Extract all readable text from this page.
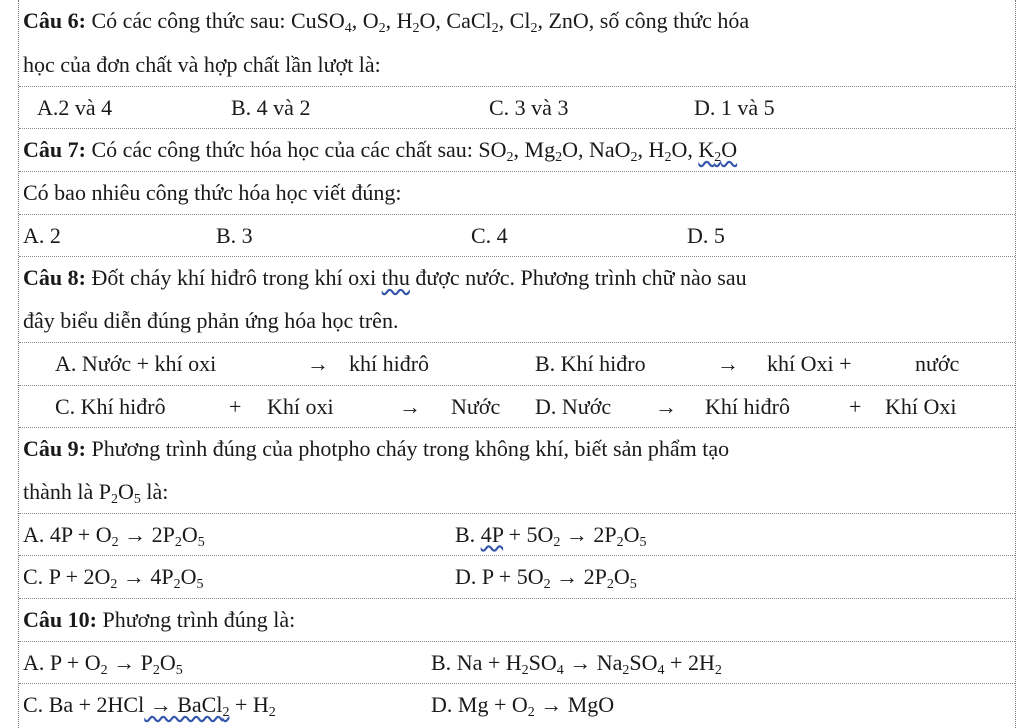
Câu 6: Có các công thức sau: CuSO$_4$, $O_2$, $H_2O$, CaCl$_2$, $Cl_2$, ZnO, số công thức hóa
học của đơn chất và hợp chất lần lượt là:
A.2 và 4	B. 4 và 2	C. 3 và 3	D. 1 và 5
Câu 7: Có các công thức hóa học của các chất sau: $SO_2$, $Mg_2O$, NaO$_2$, $H_2O$, $K_2O$
Có bao nhiêu công thức hóa học viết đúng:
A. 2	B. 3	C. 4	D. 5
Câu 8: Đốt cháy khí hiđrô trong khí oxi thu được nước. Phương trình chữ nào sau
đây biểu diễn đúng phản ứng hóa học trên.
A. Nước + khí oxi	→ khí hiđrô	B. Khí hiđro	→ khí Oxi +	nước
C. Khí hiđrô	+ Khí oxi	→ Nước D. Nước → Khí hiđrô	+ Khí Oxi
Câu 9: Phương trình đúng của photpho cháy trong không khí, biết sản phẩm tạo
thành là $P_2O_5$ là:
A. $4P + O_2 \to 2P_2O_5$	B. $4P + 5O_2 \to 2P_2O_5$
C. $P + 2O_2 \to 4P_2O_5$	D. $P + 5O_2 \to 2P_2O_5$
Câu 10: Phương trình đúng là:
A. $P + O_2 \to P_2O_5$	B. $Na + H_2SO_4 \to Na_2SO_4 + 2H_2$
C. Ba + 2HCl → BaCl$_2$ + $H_2$	D. $Mg + O_2$ → MgO
